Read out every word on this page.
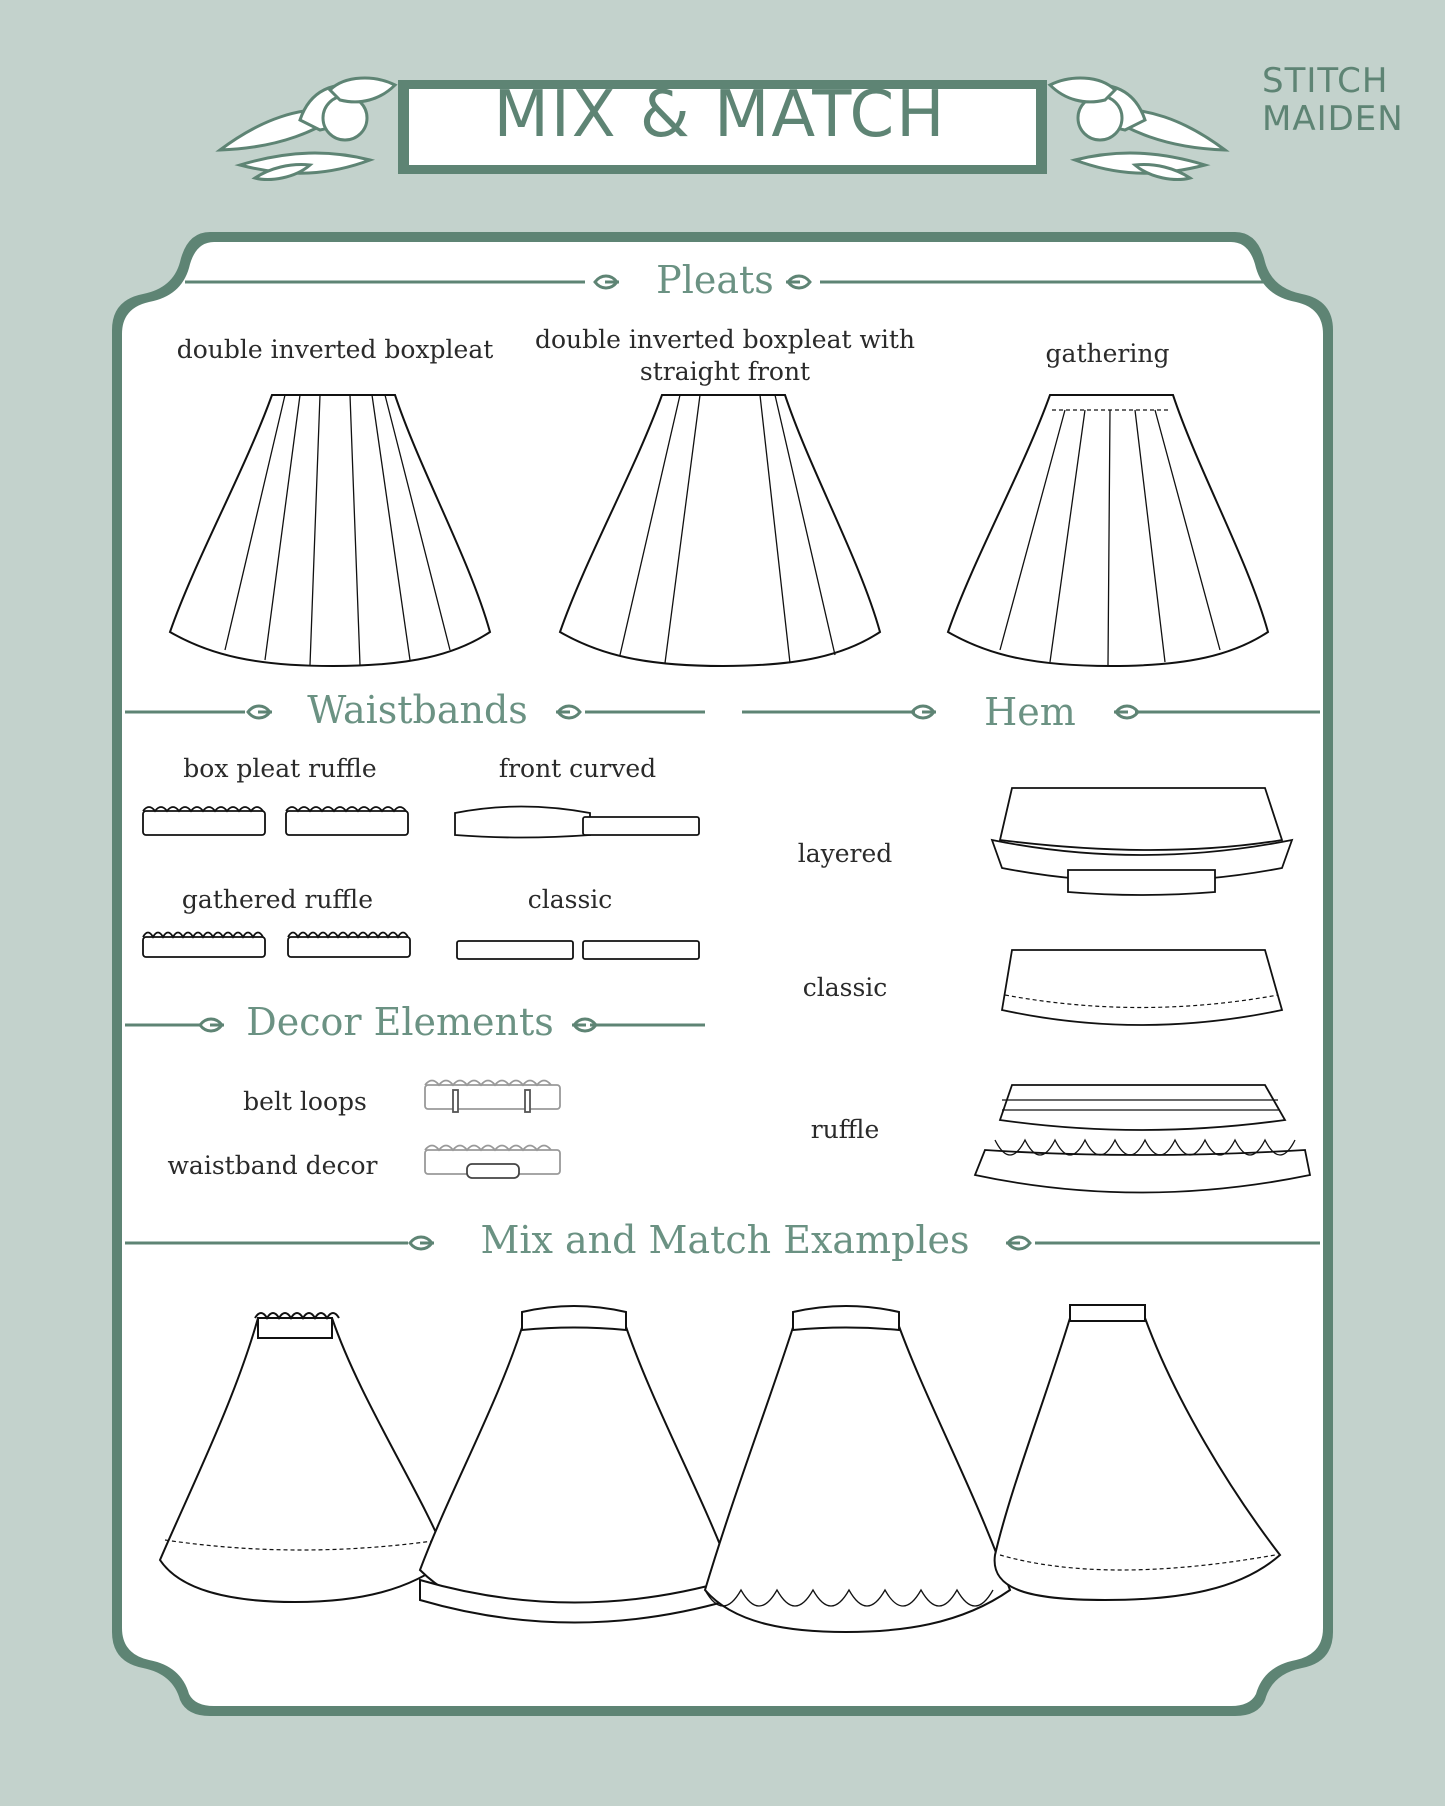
MIX & MATCH	STITCH
MAIDEN
Pleats
Waistbands	Hem
Decor Elements
Mix and Match Examples
double inverted boxpleat	double inverted boxpleat with
straight front
gathering
box pleat ruffle	front curved
gathered ruffle	classic
belt loops
waistband decor
layered
classic
ruffle
